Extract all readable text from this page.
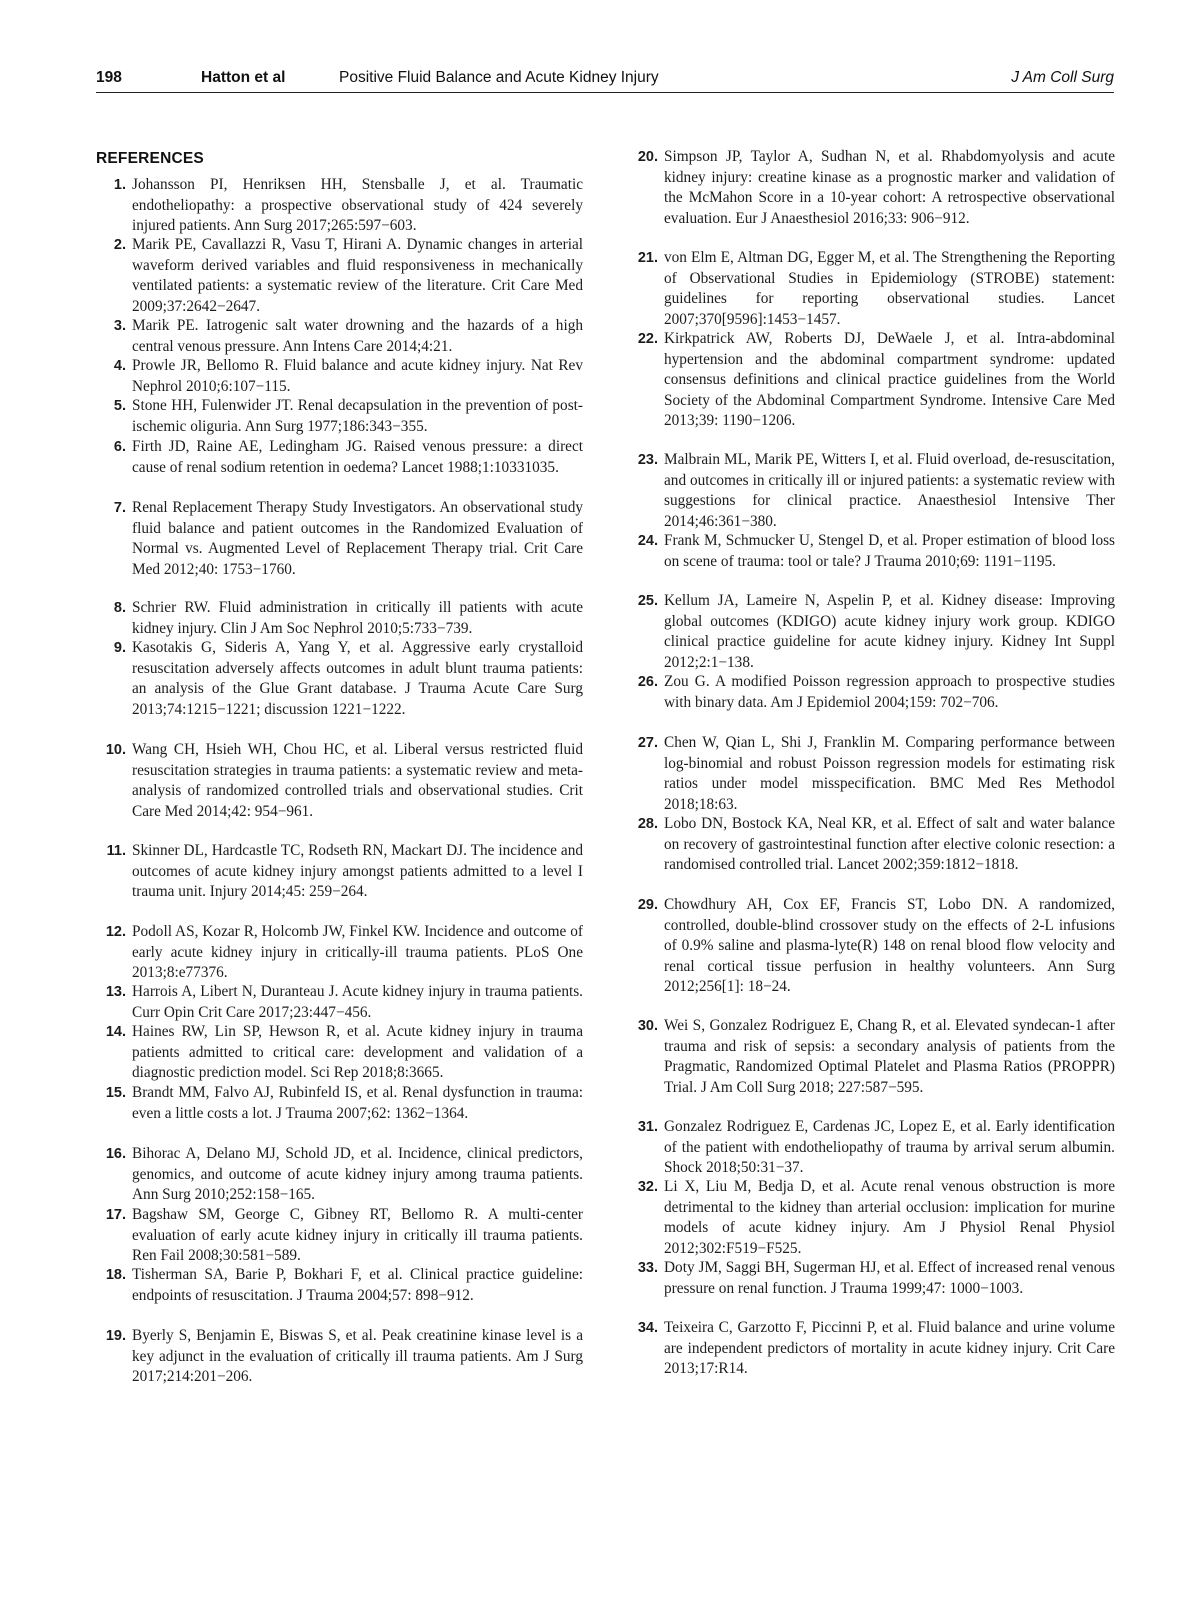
198	Hatton et al	Positive Fluid Balance and Acute Kidney Injury	J Am Coll Surg
REFERENCES
1. Johansson PI, Henriksen HH, Stensballe J, et al. Traumatic endotheliopathy: a prospective observational study of 424 severely injured patients. Ann Surg 2017;265:597−603.
2. Marik PE, Cavallazzi R, Vasu T, Hirani A. Dynamic changes in arterial waveform derived variables and fluid responsiveness in mechanically ventilated patients: a systematic review of the literature. Crit Care Med 2009;37:2642−2647.
3. Marik PE. Iatrogenic salt water drowning and the hazards of a high central venous pressure. Ann Intens Care 2014;4:21.
4. Prowle JR, Bellomo R. Fluid balance and acute kidney injury. Nat Rev Nephrol 2010;6:107−115.
5. Stone HH, Fulenwider JT. Renal decapsulation in the prevention of post-ischemic oliguria. Ann Surg 1977;186:343−355.
6. Firth JD, Raine AE, Ledingham JG. Raised venous pressure: a direct cause of renal sodium retention in oedema? Lancet 1988;1:10331035.
7. Renal Replacement Therapy Study Investigators. An observational study fluid balance and patient outcomes in the Randomized Evaluation of Normal vs. Augmented Level of Replacement Therapy trial. Crit Care Med 2012;40: 1753−1760.
8. Schrier RW. Fluid administration in critically ill patients with acute kidney injury. Clin J Am Soc Nephrol 2010;5:733−739.
9. Kasotakis G, Sideris A, Yang Y, et al. Aggressive early crystalloid resuscitation adversely affects outcomes in adult blunt trauma patients: an analysis of the Glue Grant database. J Trauma Acute Care Surg 2013;74:1215−1221; discussion 1221−1222.
10. Wang CH, Hsieh WH, Chou HC, et al. Liberal versus restricted fluid resuscitation strategies in trauma patients: a systematic review and meta-analysis of randomized controlled trials and observational studies. Crit Care Med 2014;42: 954−961.
11. Skinner DL, Hardcastle TC, Rodseth RN, Mackart DJ. The incidence and outcomes of acute kidney injury amongst patients admitted to a level I trauma unit. Injury 2014;45: 259−264.
12. Podoll AS, Kozar R, Holcomb JW, Finkel KW. Incidence and outcome of early acute kidney injury in critically-ill trauma patients. PLoS One 2013;8:e77376.
13. Harrois A, Libert N, Duranteau J. Acute kidney injury in trauma patients. Curr Opin Crit Care 2017;23:447−456.
14. Haines RW, Lin SP, Hewson R, et al. Acute kidney injury in trauma patients admitted to critical care: development and validation of a diagnostic prediction model. Sci Rep 2018;8:3665.
15. Brandt MM, Falvo AJ, Rubinfeld IS, et al. Renal dysfunction in trauma: even a little costs a lot. J Trauma 2007;62: 1362−1364.
16. Bihorac A, Delano MJ, Schold JD, et al. Incidence, clinical predictors, genomics, and outcome of acute kidney injury among trauma patients. Ann Surg 2010;252:158−165.
17. Bagshaw SM, George C, Gibney RT, Bellomo R. A multi-center evaluation of early acute kidney injury in critically ill trauma patients. Ren Fail 2008;30:581−589.
18. Tisherman SA, Barie P, Bokhari F, et al. Clinical practice guideline: endpoints of resuscitation. J Trauma 2004;57: 898−912.
19. Byerly S, Benjamin E, Biswas S, et al. Peak creatinine kinase level is a key adjunct in the evaluation of critically ill trauma patients. Am J Surg 2017;214:201−206.
20. Simpson JP, Taylor A, Sudhan N, et al. Rhabdomyolysis and acute kidney injury: creatine kinase as a prognostic marker and validation of the McMahon Score in a 10-year cohort: A retrospective observational evaluation. Eur J Anaesthesiol 2016;33: 906−912.
21. von Elm E, Altman DG, Egger M, et al. The Strengthening the Reporting of Observational Studies in Epidemiology (STROBE) statement: guidelines for reporting observational studies. Lancet 2007;370[9596]:1453−1457.
22. Kirkpatrick AW, Roberts DJ, DeWaele J, et al. Intra-abdominal hypertension and the abdominal compartment syndrome: updated consensus definitions and clinical practice guidelines from the World Society of the Abdominal Compartment Syndrome. Intensive Care Med 2013;39: 1190−1206.
23. Malbrain ML, Marik PE, Witters I, et al. Fluid overload, de-resuscitation, and outcomes in critically ill or injured patients: a systematic review with suggestions for clinical practice. Anaesthesiol Intensive Ther 2014;46:361−380.
24. Frank M, Schmucker U, Stengel D, et al. Proper estimation of blood loss on scene of trauma: tool or tale? J Trauma 2010;69: 1191−1195.
25. Kellum JA, Lameire N, Aspelin P, et al. Kidney disease: Improving global outcomes (KDIGO) acute kidney injury work group. KDIGO clinical practice guideline for acute kidney injury. Kidney Int Suppl 2012;2:1−138.
26. Zou G. A modified Poisson regression approach to prospective studies with binary data. Am J Epidemiol 2004;159: 702−706.
27. Chen W, Qian L, Shi J, Franklin M. Comparing performance between log-binomial and robust Poisson regression models for estimating risk ratios under model misspecification. BMC Med Res Methodol 2018;18:63.
28. Lobo DN, Bostock KA, Neal KR, et al. Effect of salt and water balance on recovery of gastrointestinal function after elective colonic resection: a randomised controlled trial. Lancet 2002;359:1812−1818.
29. Chowdhury AH, Cox EF, Francis ST, Lobo DN. A randomized, controlled, double-blind crossover study on the effects of 2-L infusions of 0.9% saline and plasma-lyte(R) 148 on renal blood flow velocity and renal cortical tissue perfusion in healthy volunteers. Ann Surg 2012;256[1]: 18−24.
30. Wei S, Gonzalez Rodriguez E, Chang R, et al. Elevated syndecan-1 after trauma and risk of sepsis: a secondary analysis of patients from the Pragmatic, Randomized Optimal Platelet and Plasma Ratios (PROPPR) Trial. J Am Coll Surg 2018; 227:587−595.
31. Gonzalez Rodriguez E, Cardenas JC, Lopez E, et al. Early identification of the patient with endotheliopathy of trauma by arrival serum albumin. Shock 2018;50:31−37.
32. Li X, Liu M, Bedja D, et al. Acute renal venous obstruction is more detrimental to the kidney than arterial occlusion: implication for murine models of acute kidney injury. Am J Physiol Renal Physiol 2012;302:F519−F525.
33. Doty JM, Saggi BH, Sugerman HJ, et al. Effect of increased renal venous pressure on renal function. J Trauma 1999;47: 1000−1003.
34. Teixeira C, Garzotto F, Piccinni P, et al. Fluid balance and urine volume are independent predictors of mortality in acute kidney injury. Crit Care 2013;17:R14.
